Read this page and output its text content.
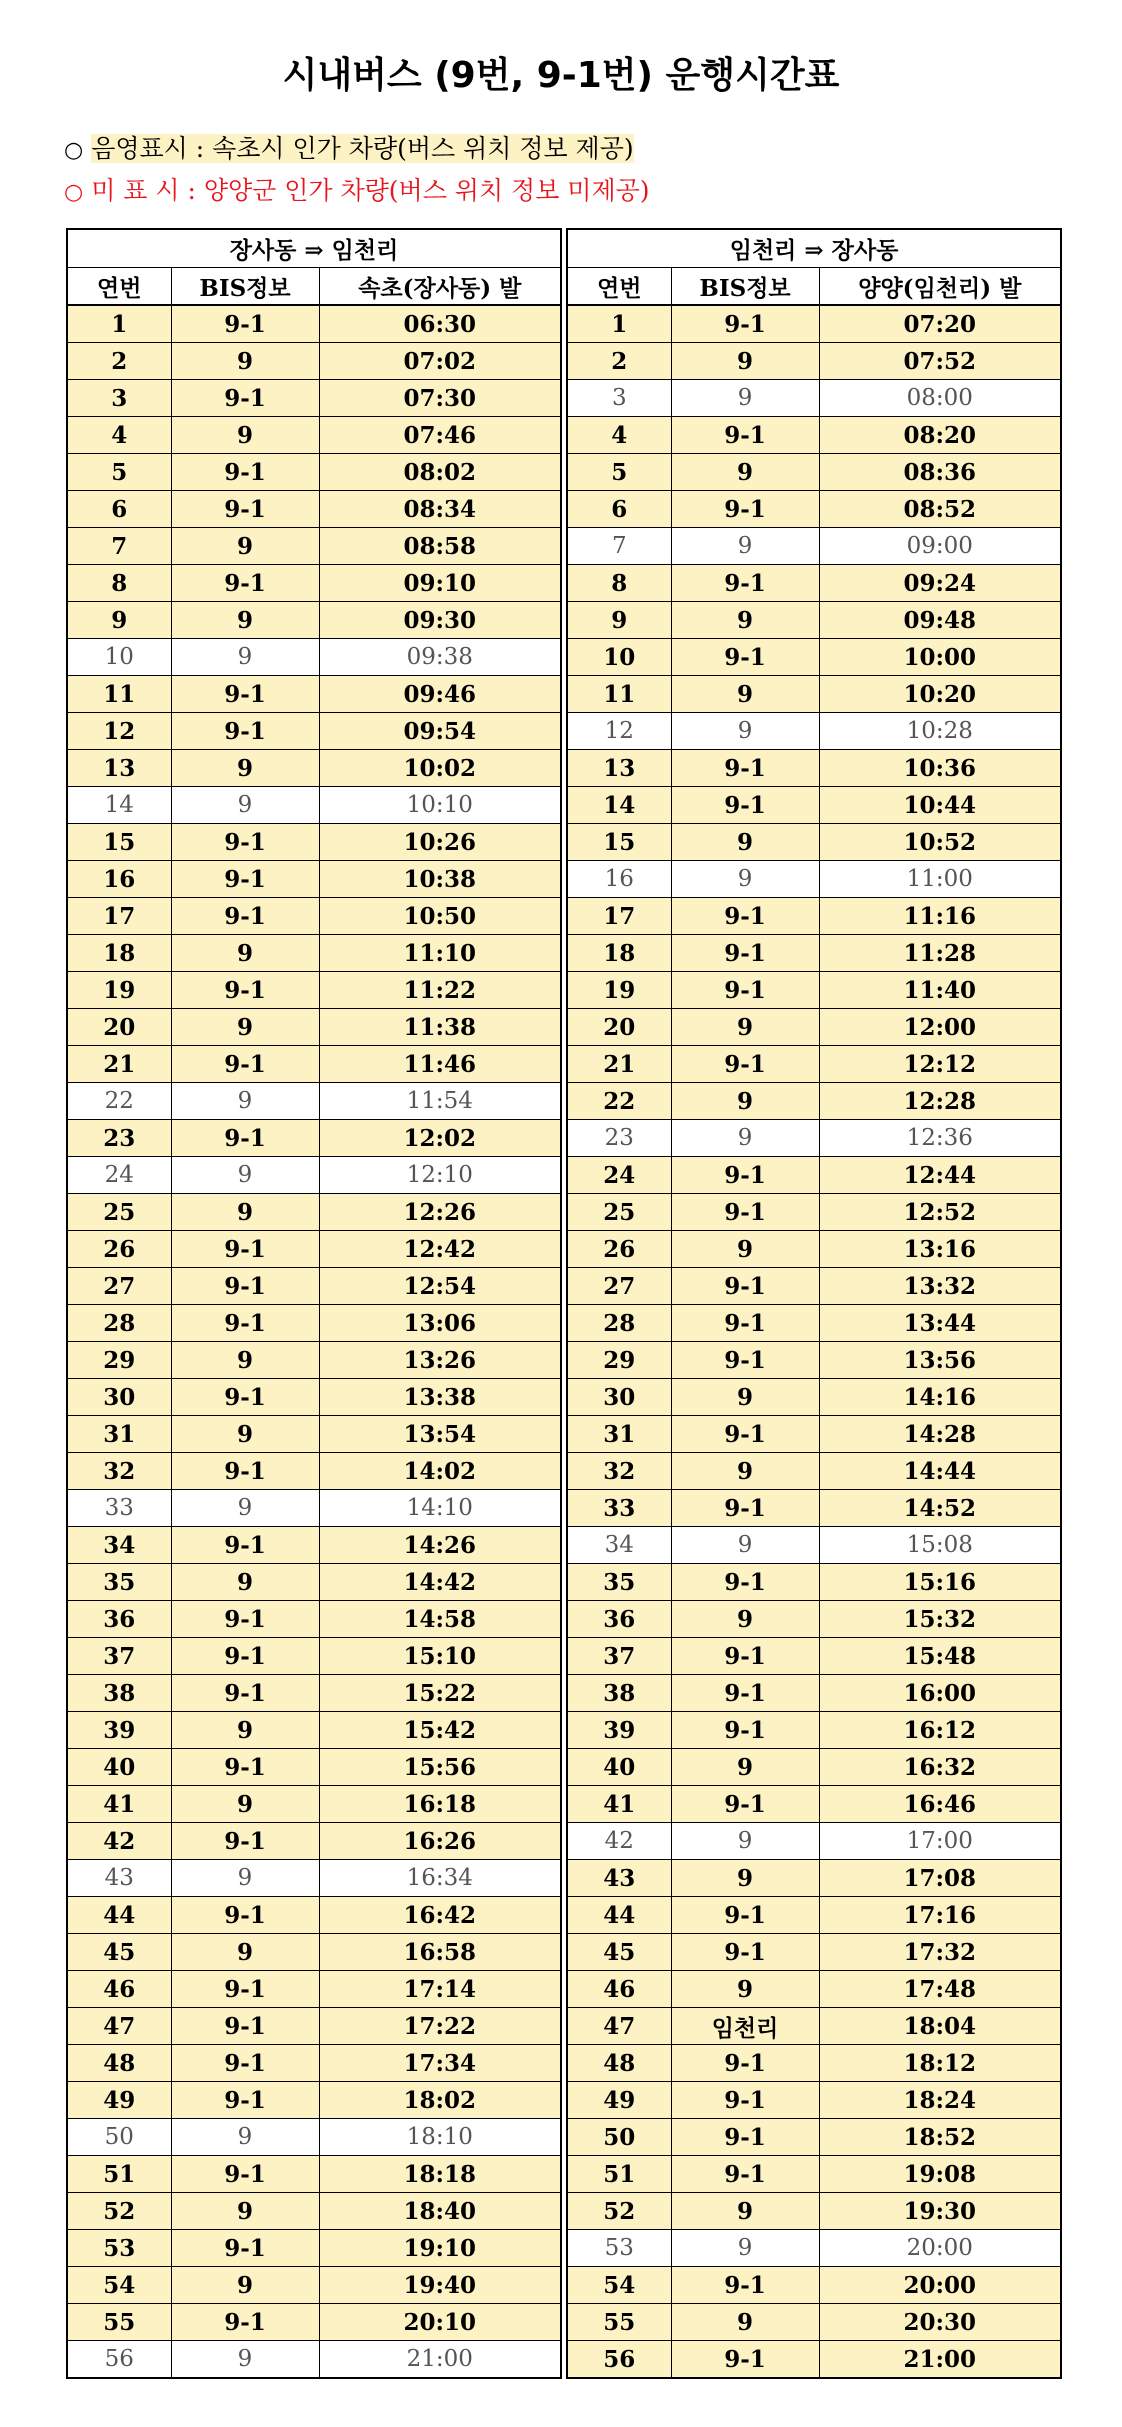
시내버스 (9번, 9-1번) 운행시간표
○ 음영표시 : 속초시 인가 차량(버스 위치 정보 제공)
○ 미 표 시 : 양양군 인가 차량(버스 위치 정보 미제공)
장사동 ⇒ 임천리		
연번	BIS정보	속초(장사동) 발
1	9-1	06:30
2	9	07:02
3	9-1	07:30
4	9	07:46
5	9-1	08:02
6	9-1	08:34
7	9	08:58
8	9-1	09:10
9	9	09:30
10	9	09:38
11	9-1	09:46
12	9-1	09:54
13	9	10:02
14	9	10:10
15	9-1	10:26
16	9-1	10:38
17	9-1	10:50
18	9	11:10
19	9-1	11:22
20	9	11:38
21	9-1	11:46
22	9	11:54
23	9-1	12:02
24	9	12:10
25	9	12:26
26	9-1	12:42
27	9-1	12:54
28	9-1	13:06
29	9	13:26
30	9-1	13:38
31	9	13:54
32	9-1	14:02
33	9	14:10
34	9-1	14:26
35	9	14:42
36	9-1	14:58
37	9-1	15:10
38	9-1	15:22
39	9	15:42
40	9-1	15:56
41	9	16:18
42	9-1	16:26
43	9	16:34
44	9-1	16:42
45	9	16:58
46	9-1	17:14
47	9-1	17:22
48	9-1	17:34
49	9-1	18:02
50	9	18:10
51	9-1	18:18
52	9	18:40
53	9-1	19:10
54	9	19:40
55	9-1	20:10
56	9	21:00
임천리 ⇒ 장사동		
연번	BIS정보	양양(임천리) 발
1	9-1	07:20
2	9	07:52
3	9	08:00
4	9-1	08:20
5	9	08:36
6	9-1	08:52
7	9	09:00
8	9-1	09:24
9	9	09:48
10	9-1	10:00
11	9	10:20
12	9	10:28
13	9-1	10:36
14	9-1	10:44
15	9	10:52
16	9	11:00
17	9-1	11:16
18	9-1	11:28
19	9-1	11:40
20	9	12:00
21	9-1	12:12
22	9	12:28
23	9	12:36
24	9-1	12:44
25	9-1	12:52
26	9	13:16
27	9-1	13:32
28	9-1	13:44
29	9-1	13:56
30	9	14:16
31	9-1	14:28
32	9	14:44
33	9-1	14:52
34	9	15:08
35	9-1	15:16
36	9	15:32
37	9-1	15:48
38	9-1	16:00
39	9-1	16:12
40	9	16:32
41	9-1	16:46
42	9	17:00
43	9	17:08
44	9-1	17:16
45	9-1	17:32
46	9	17:48
47	임천리	18:04
48	9-1	18:12
49	9-1	18:24
50	9-1	18:52
51	9-1	19:08
52	9	19:30
53	9	20:00
54	9-1	20:00
55	9	20:30
56	9-1	21:00
